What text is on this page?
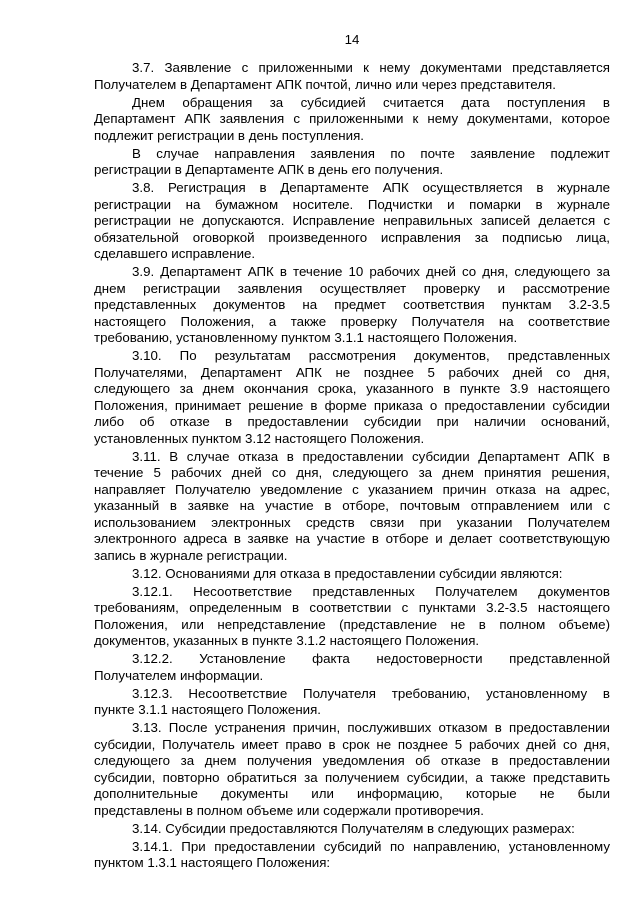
14
3.7. Заявление с приложенными к нему документами представляется
Получателем в Департамент АПК почтой, лично или через представителя.
Днем обращения за субсидией считается дата поступления в
Департамент АПК заявления с приложенными к нему документами, которое
подлежит регистрации в день поступления.
В случае направления заявления по почте заявление подлежит
регистрации в Департаменте АПК в день его получения.
3.8. Регистрация в Департаменте АПК осуществляется в журнале
регистрации на бумажном носителе. Подчистки и помарки в журнале
регистрации не допускаются. Исправление неправильных записей делается с
обязательной оговоркой произведенного исправления за подписью лица,
сделавшего исправление.
3.9. Департамент АПК в течение 10 рабочих дней со дня, следующего за
днем регистрации заявления осуществляет проверку и рассмотрение
представленных документов на предмет соответствия пунктам 3.2-3.5
настоящего Положения, а также проверку Получателя на соответствие
требованию, установленному пунктом 3.1.1 настоящего Положения.
3.10. По результатам рассмотрения документов, представленных
Получателями, Департамент АПК не позднее 5 рабочих дней со дня,
следующего за днем окончания срока, указанного в пункте 3.9 настоящего
Положения, принимает решение в форме приказа о предоставлении субсидии
либо об отказе в предоставлении субсидии при наличии оснований,
установленных пунктом 3.12 настоящего Положения.
3.11. В случае отказа в предоставлении субсидии Департамент АПК в
течение 5 рабочих дней со дня, следующего за днем принятия решения,
направляет Получателю уведомление с указанием причин отказа на адрес,
указанный в заявке на участие в отборе, почтовым отправлением или с
использованием электронных средств связи при указании Получателем
электронного адреса в заявке на участие в отборе и делает соответствующую
запись в журнале регистрации.
3.12. Основаниями для отказа в предоставлении субсидии являются:
3.12.1. Несоответствие представленных Получателем документов
требованиям, определенным в соответствии с пунктами 3.2-3.5 настоящего
Положения, или непредставление (представление не в полном объеме)
документов, указанных в пункте 3.1.2 настоящего Положения.
3.12.2. Установление факта недостоверности представленной
Получателем информации.
3.12.3. Несоответствие Получателя требованию, установленному в
пункте 3.1.1 настоящего Положения.
3.13. После устранения причин, послуживших отказом в предоставлении
субсидии, Получатель имеет право в срок не позднее 5 рабочих дней со дня,
следующего за днем получения уведомления об отказе в предоставлении
субсидии, повторно обратиться за получением субсидии, а также представить
дополнительные документы или информацию, которые не были
представлены в полном объеме или содержали противоречия.
3.14. Субсидии предоставляются Получателям в следующих размерах:
3.14.1. При предоставлении субсидий по направлению, установленному
пунктом 1.3.1 настоящего Положения:
